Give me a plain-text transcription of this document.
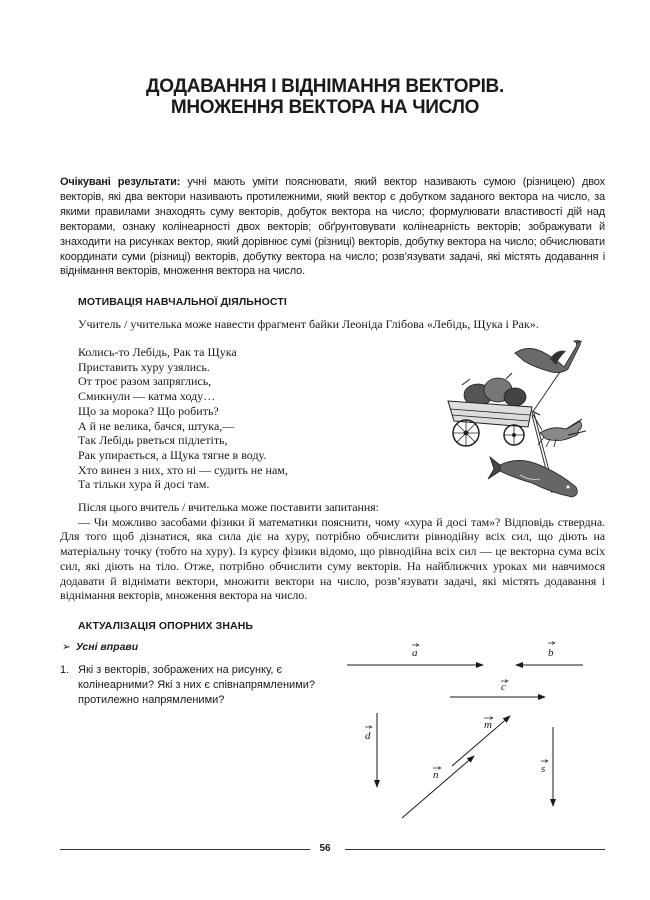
ДОДАВАННЯ І ВІДНІМАННЯ ВЕКТОРІВ.
МНОЖЕННЯ ВЕКТОРА НА ЧИСЛО
Очікувані результати: учні мають уміти пояснювати, який вектор називають сумою (різницею) двох векторів, які два вектори називають протилежними, який вектор є добутком заданого вектора на число, за якими правилами знаходять суму векторів, добуток вектора на число; формулювати властивості дій над векторами, ознаку колінеарності двох векторів; обґрунтовувати колінеарність векторів; зображувати й знаходити на рисунках вектор, який дорівнює сумі (різниці) векторів, добутку вектора на число; обчислювати координати суми (різниці) векторів, добутку вектора на число; розв’язувати задачі, які містять додавання і віднімання векторів, множення вектора на число.
МОТИВАЦІЯ НАВЧАЛЬНОЇ ДІЯЛЬНОСТІ
Учитель / учителька може навести фрагмент байки Леоніда Глібова «Лебідь, Щука і Рак».
Колись-то Лебідь, Рак та Щука
Приставить хуру узялись.
От троє разом запряглись,
Смикнули — катма ходу…
Що за морока? Що робить?
А й не велика, бачся, штука,—
Так Лебідь рветься підлетіть,
Рак упирається, а Щука тягне в воду.
Хто винен з них, хто ні — судить не нам,
Та тільки хура й досі там.
Після цього вчитель / вчителька може поставити запитання:
— Чи можливо засобами фізики й математики пояснити, чому «хура й досі там»? Відповідь ствердна. Для того щоб дізнатися, яка сила діє на хуру, потрібно обчислити рівнодійну всіх сил, що діють на матеріальну точку (тобто на хуру). Із курсу фізики відомо, що рівнодійна всіх сил — це векторна сума всіх сил, які діють на тіло. Отже, потрібно обчислити суму векторів. На найближчих уроках ми навчимося додавати й віднімати вектори, множити вектори на число, розв’язувати задачі, які містять додавання і віднімання векторів, множення вектора на число.
АКТУАЛІЗАЦІЯ ОПОРНИХ ЗНАНЬ
➢ Усні вправи
1. Які з векторів, зображених на рисунку, є колінеарними? Які з них є співнапрямленими? протилежно напрямленими?
a	b
c
d
m
n	s
56
